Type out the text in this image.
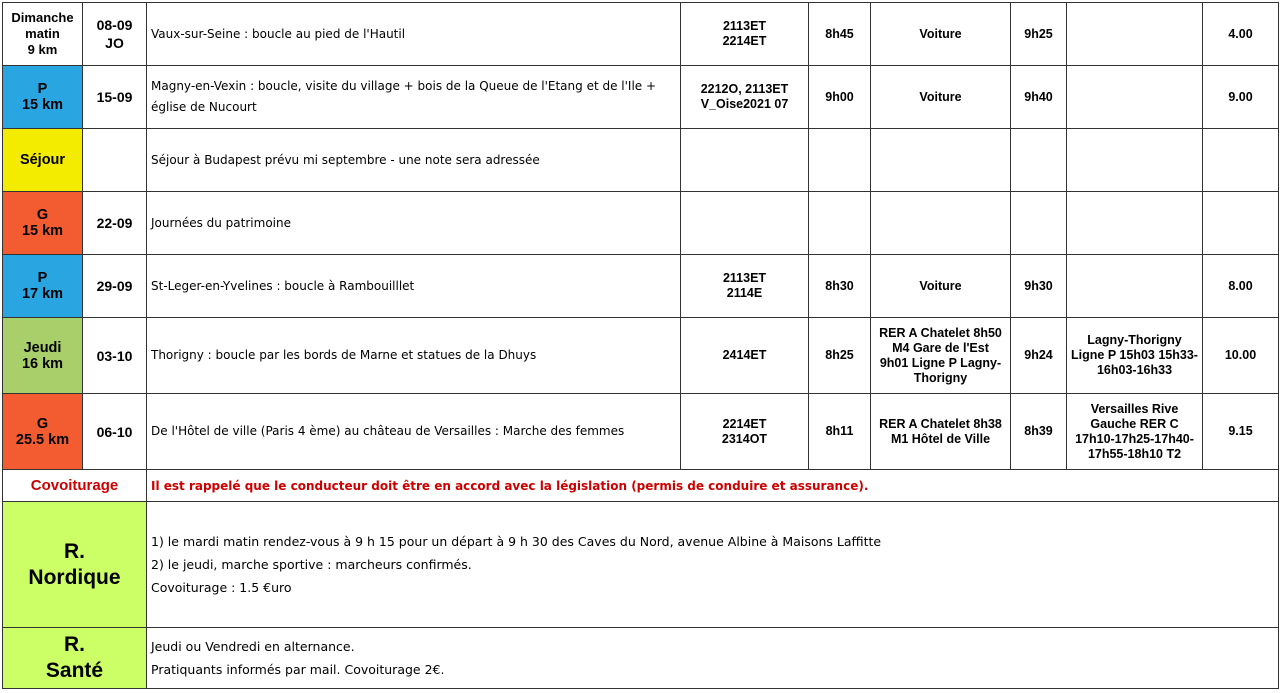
Dimanche
matin
9 km	08-09
JO	Vaux-sur-Seine : boucle au pied de l'Hautil	2113ET
2214ET	8h45	Voiture	9h25		4.00

P
15 km	15-09	Magny-en-Vexin : boucle, visite du village + bois de la Queue de l'Etang et de l'Ile + église de Nucourt	2212O, 2113ET
V_Oise2021 07	9h00	Voiture	9h40		9.00

Séjour		Séjour à Budapest prévu mi septembre - une note sera adressée						

G
15 km	22-09	Journées du patrimoine						

P
17 km	29-09	St-Leger-en-Yvelines : boucle à Rambouilllet	2113ET
2114E	8h30	Voiture	9h30		8.00

Jeudi
16 km	03-10	Thorigny : boucle par les bords de Marne et statues de la Dhuys	2414ET	8h25	RER A Chatelet 8h50
M4 Gare de l'Est
9h01 Ligne P Lagny-
Thorigny	9h24	Lagny-Thorigny
Ligne P 15h03 15h33-
16h03-16h33	10.00

G
25.5 km	06-10	De l'Hôtel de ville (Paris 4 ème) au château de Versailles : Marche des femmes	2214ET
2314OT	8h11	RER A Chatelet 8h38
M1 Hôtel de Ville	8h39	Versailles Rive
Gauche RER C
17h10-17h25-17h40-
17h55-18h10 T2	9.15
Covoiturage		Il est rappelé que le conducteur doit être en accord avec la législation (permis de conduire et assurance).						

R.
Nordique		1) le mardi matin rendez-vous à 9 h 15 pour un départ à 9 h 30 des Caves du Nord, avenue Albine à Maisons Laffitte
2) le jeudi, marche sportive : marcheurs confirmés.
Covoiturage : 1.5 €uro						

R.
Santé		Jeudi ou Vendredi en alternance.
Pratiquants informés par mail. Covoiturage 2€.						
